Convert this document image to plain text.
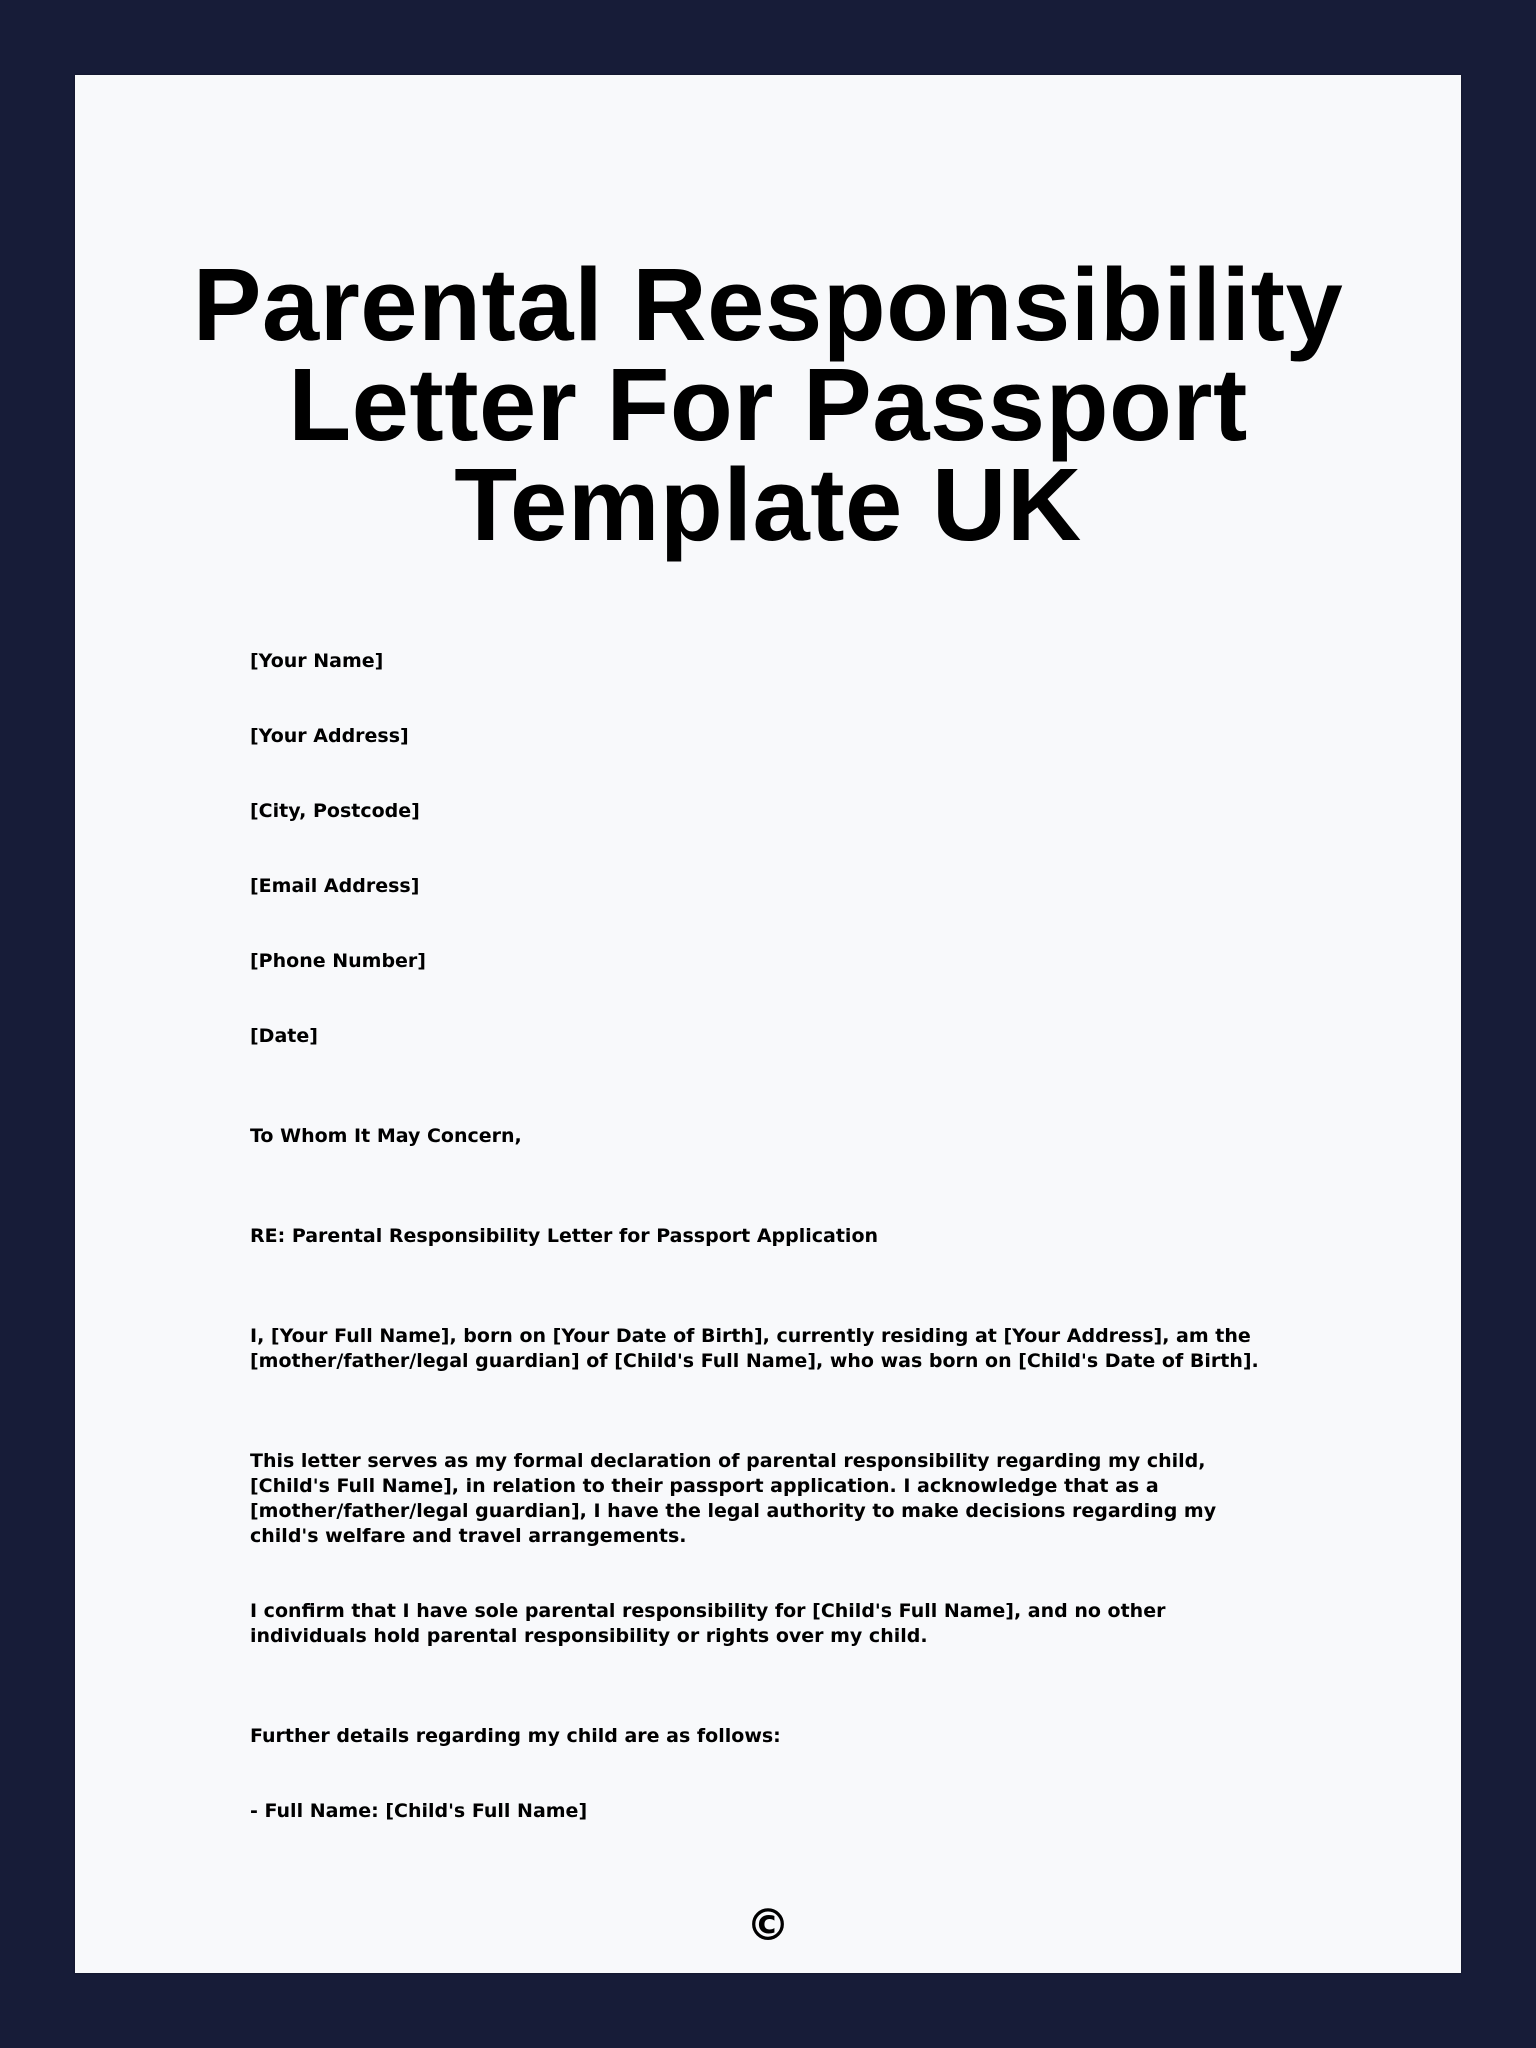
Parental Responsibility Letter For Passport Template UK

[Your Name]

[Your Address]

[City, Postcode]

[Email Address]

[Phone Number]

[Date]

To Whom It May Concern,

RE: Parental Responsibility Letter for Passport Application

I, [Your Full Name], born on [Your Date of Birth], currently residing at [Your Address], am the [mother/father/legal guardian] of [Child's Full Name], who was born on [Child's Date of Birth].

This letter serves as my formal declaration of parental responsibility regarding my child, [Child's Full Name], in relation to their passport application. I acknowledge that as a [mother/father/legal guardian], I have the legal authority to make decisions regarding my child's welfare and travel arrangements.

I confirm that I have sole parental responsibility for [Child's Full Name], and no other individuals hold parental responsibility or rights over my child.

Further details regarding my child are as follows:

- Full Name: [Child's Full Name]

©
